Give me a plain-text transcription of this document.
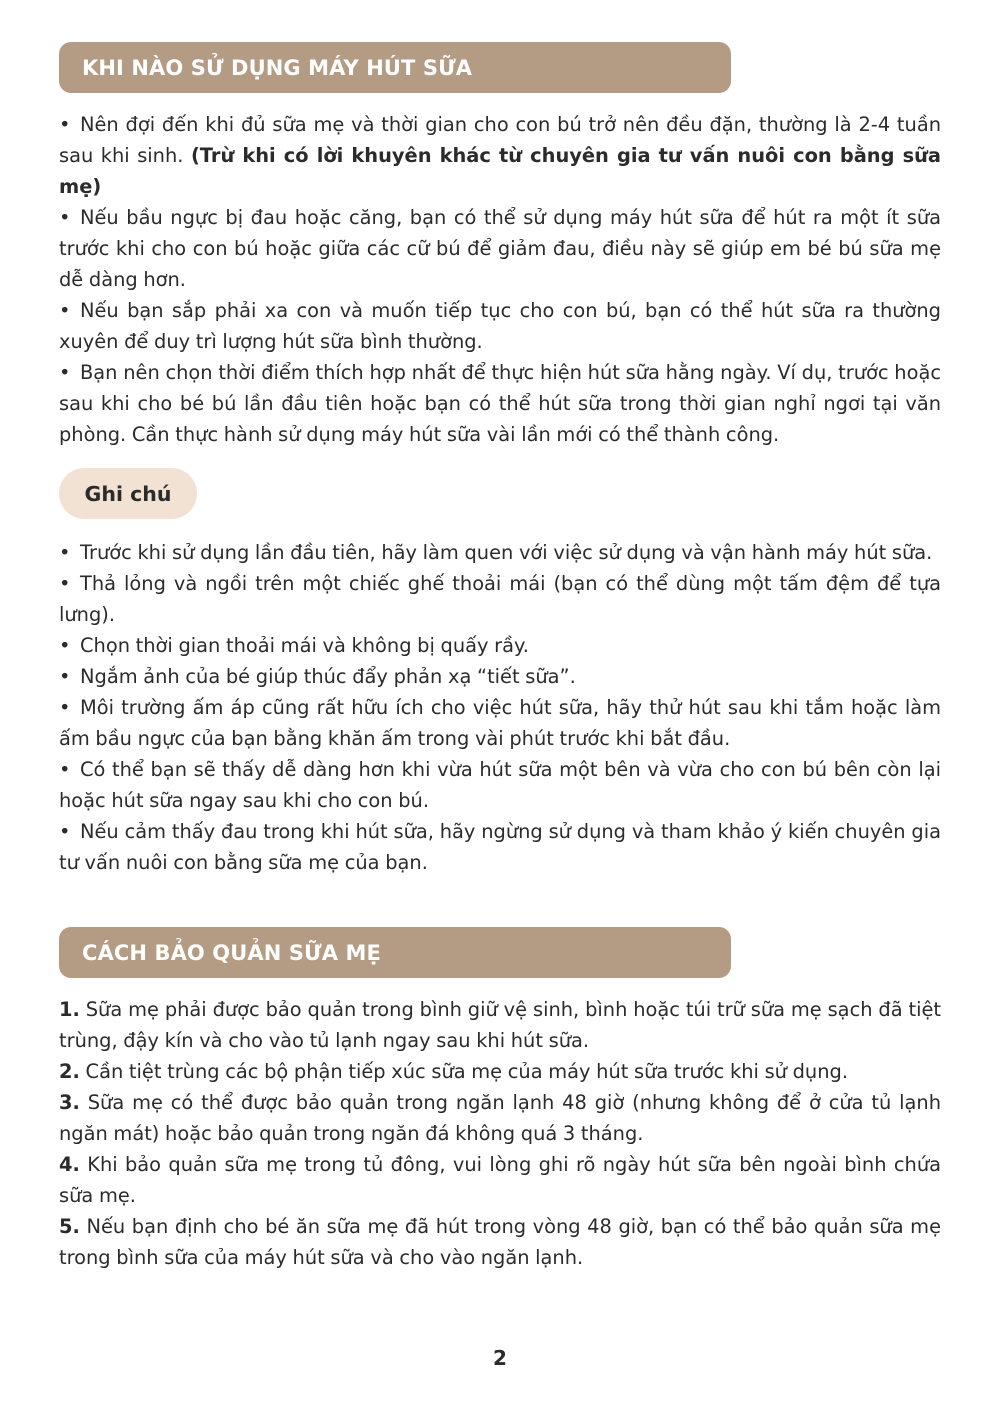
KHI NÀO SỬ DỤNG MÁY HÚT SỮA

• Nên đợi đến khi đủ sữa mẹ và thời gian cho con bú trở nên đều đặn, thường là 2-4 tuần sau khi sinh. (Trừ khi có lời khuyên khác từ chuyên gia tư vấn nuôi con bằng sữa mẹ)

• Nếu bầu ngực bị đau hoặc căng, bạn có thể sử dụng máy hút sữa để hút ra một ít sữa trước khi cho con bú hoặc giữa các cữ bú để giảm đau, điều này sẽ giúp em bé bú sữa mẹ dễ dàng hơn.

• Nếu bạn sắp phải xa con và muốn tiếp tục cho con bú, bạn có thể hút sữa ra thường xuyên để duy trì lượng hút sữa bình thường.

• Bạn nên chọn thời điểm thích hợp nhất để thực hiện hút sữa hằng ngày. Ví dụ, trước hoặc sau khi cho bé bú lần đầu tiên hoặc bạn có thể hút sữa trong thời gian nghỉ ngơi tại văn phòng. Cần thực hành sử dụng máy hút sữa vài lần mới có thể thành công.

Ghi chú

• Trước khi sử dụng lần đầu tiên, hãy làm quen với việc sử dụng và vận hành máy hút sữa.

• Thả lỏng và ngồi trên một chiếc ghế thoải mái (bạn có thể dùng một tấm đệm để tựa lưng).

• Chọn thời gian thoải mái và không bị quấy rầy.

• Ngắm ảnh của bé giúp thúc đẩy phản xạ “tiết sữa”.

• Môi trường ấm áp cũng rất hữu ích cho việc hút sữa, hãy thử hút sau khi tắm hoặc làm ấm bầu ngực của bạn bằng khăn ấm trong vài phút trước khi bắt đầu.

• Có thể bạn sẽ thấy dễ dàng hơn khi vừa hút sữa một bên và vừa cho con bú bên còn lại hoặc hút sữa ngay sau khi cho con bú.

• Nếu cảm thấy đau trong khi hút sữa, hãy ngừng sử dụng và tham khảo ý kiến chuyên gia tư vấn nuôi con bằng sữa mẹ của bạn.

CÁCH BẢO QUẢN SỮA MẸ

1. Sữa mẹ phải được bảo quản trong bình giữ vệ sinh, bình hoặc túi trữ sữa mẹ sạch đã tiệt trùng, đậy kín và cho vào tủ lạnh ngay sau khi hút sữa.

2. Cần tiệt trùng các bộ phận tiếp xúc sữa mẹ của máy hút sữa trước khi sử dụng.

3. Sữa mẹ có thể được bảo quản trong ngăn lạnh 48 giờ (nhưng không để ở cửa tủ lạnh ngăn mát) hoặc bảo quản trong ngăn đá không quá 3 tháng.

4. Khi bảo quản sữa mẹ trong tủ đông, vui lòng ghi rõ ngày hút sữa bên ngoài bình chứa sữa mẹ.

5. Nếu bạn định cho bé ăn sữa mẹ đã hút trong vòng 48 giờ, bạn có thể bảo quản sữa mẹ trong bình sữa của máy hút sữa và cho vào ngăn lạnh.

2
